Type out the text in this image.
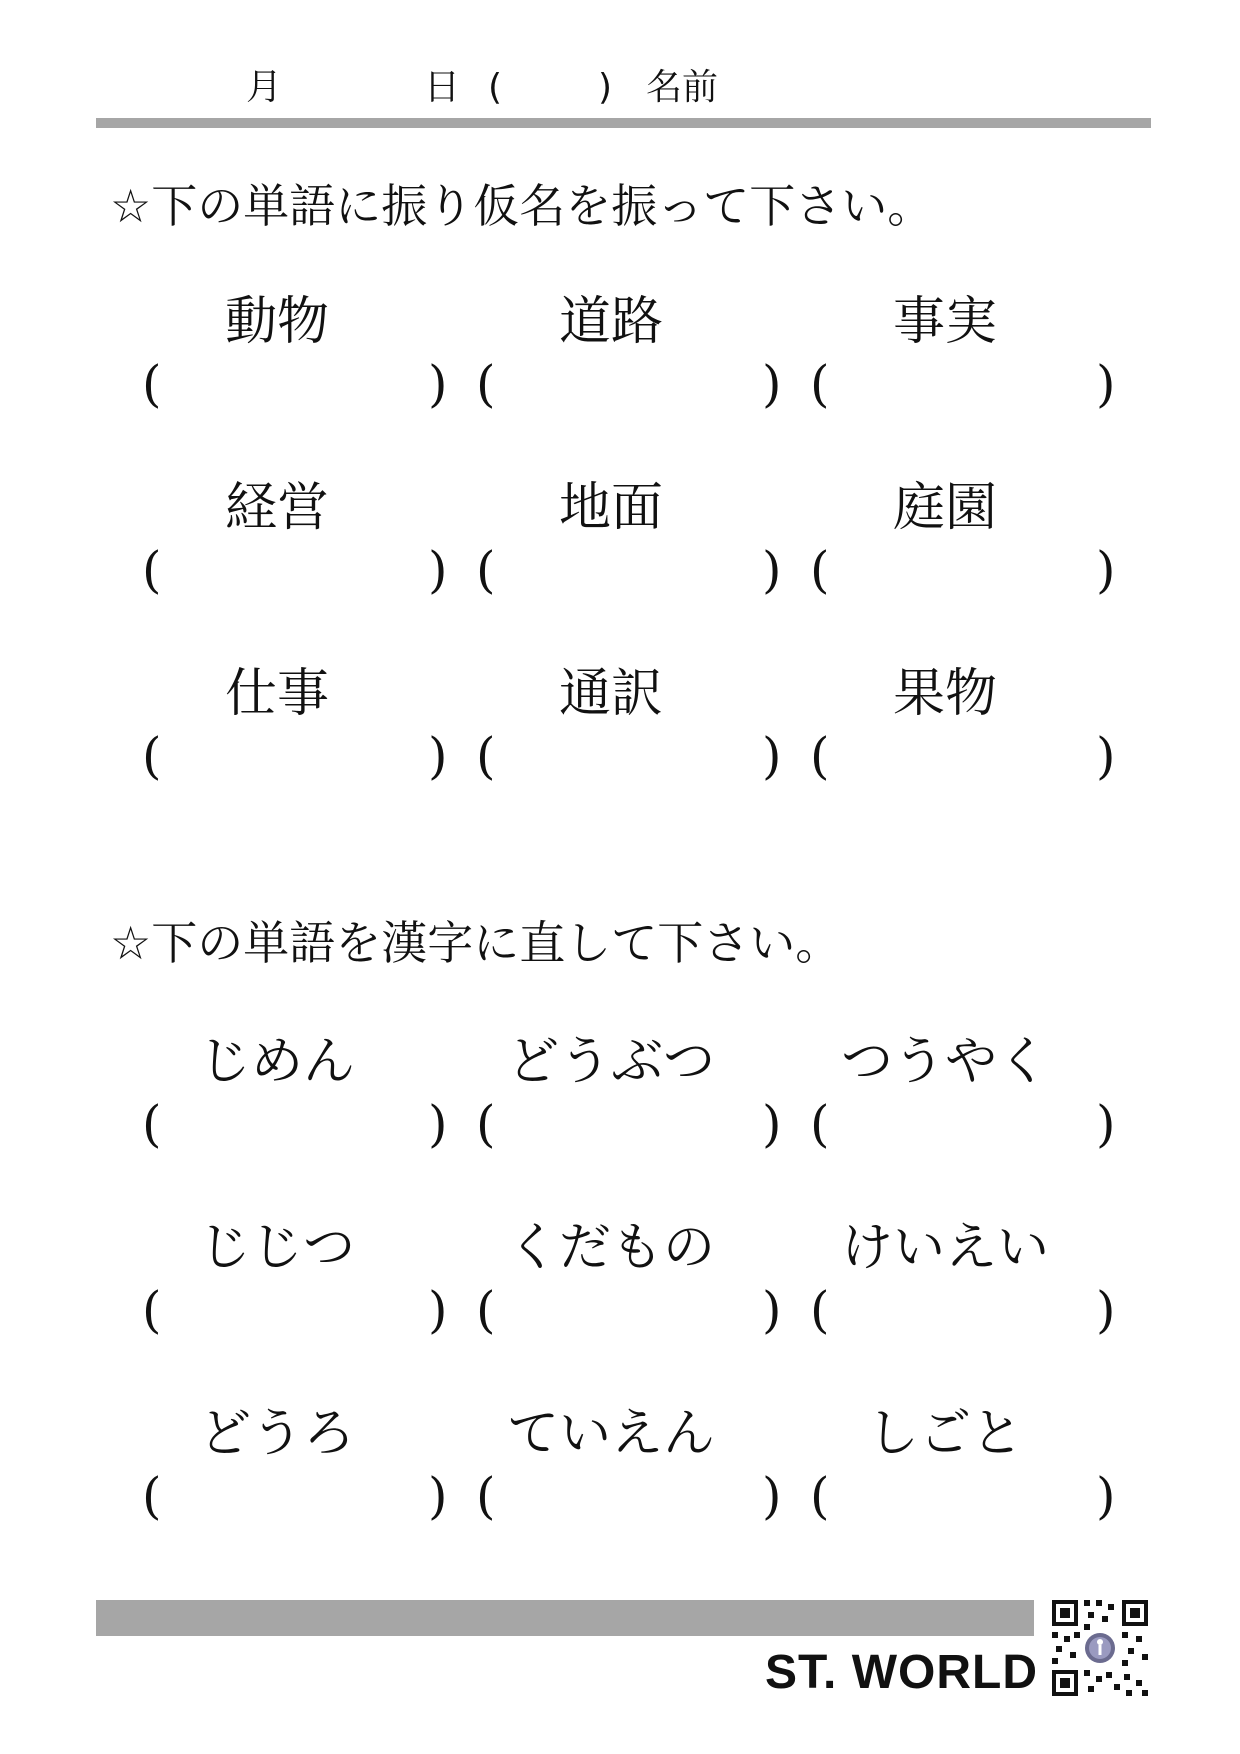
月	日 (	) 名前
☆下の単語に振り仮名を振って下さい。
動物
(	)
道路
(	)
事実
(	)
経営
(	)
地面
(	)
庭園
(	)
仕事
(	)
通訳
(	)
果物
(	)
☆下の単語を漢字に直して下さい。
じめん
(	)
どうぶつ
(	)
つうやく
(	)
じじつ
(	)
くだもの
(	)
けいえい
(	)
どうろ
(	)
ていえん
(	)
しごと
(	)
ST. WORLD
